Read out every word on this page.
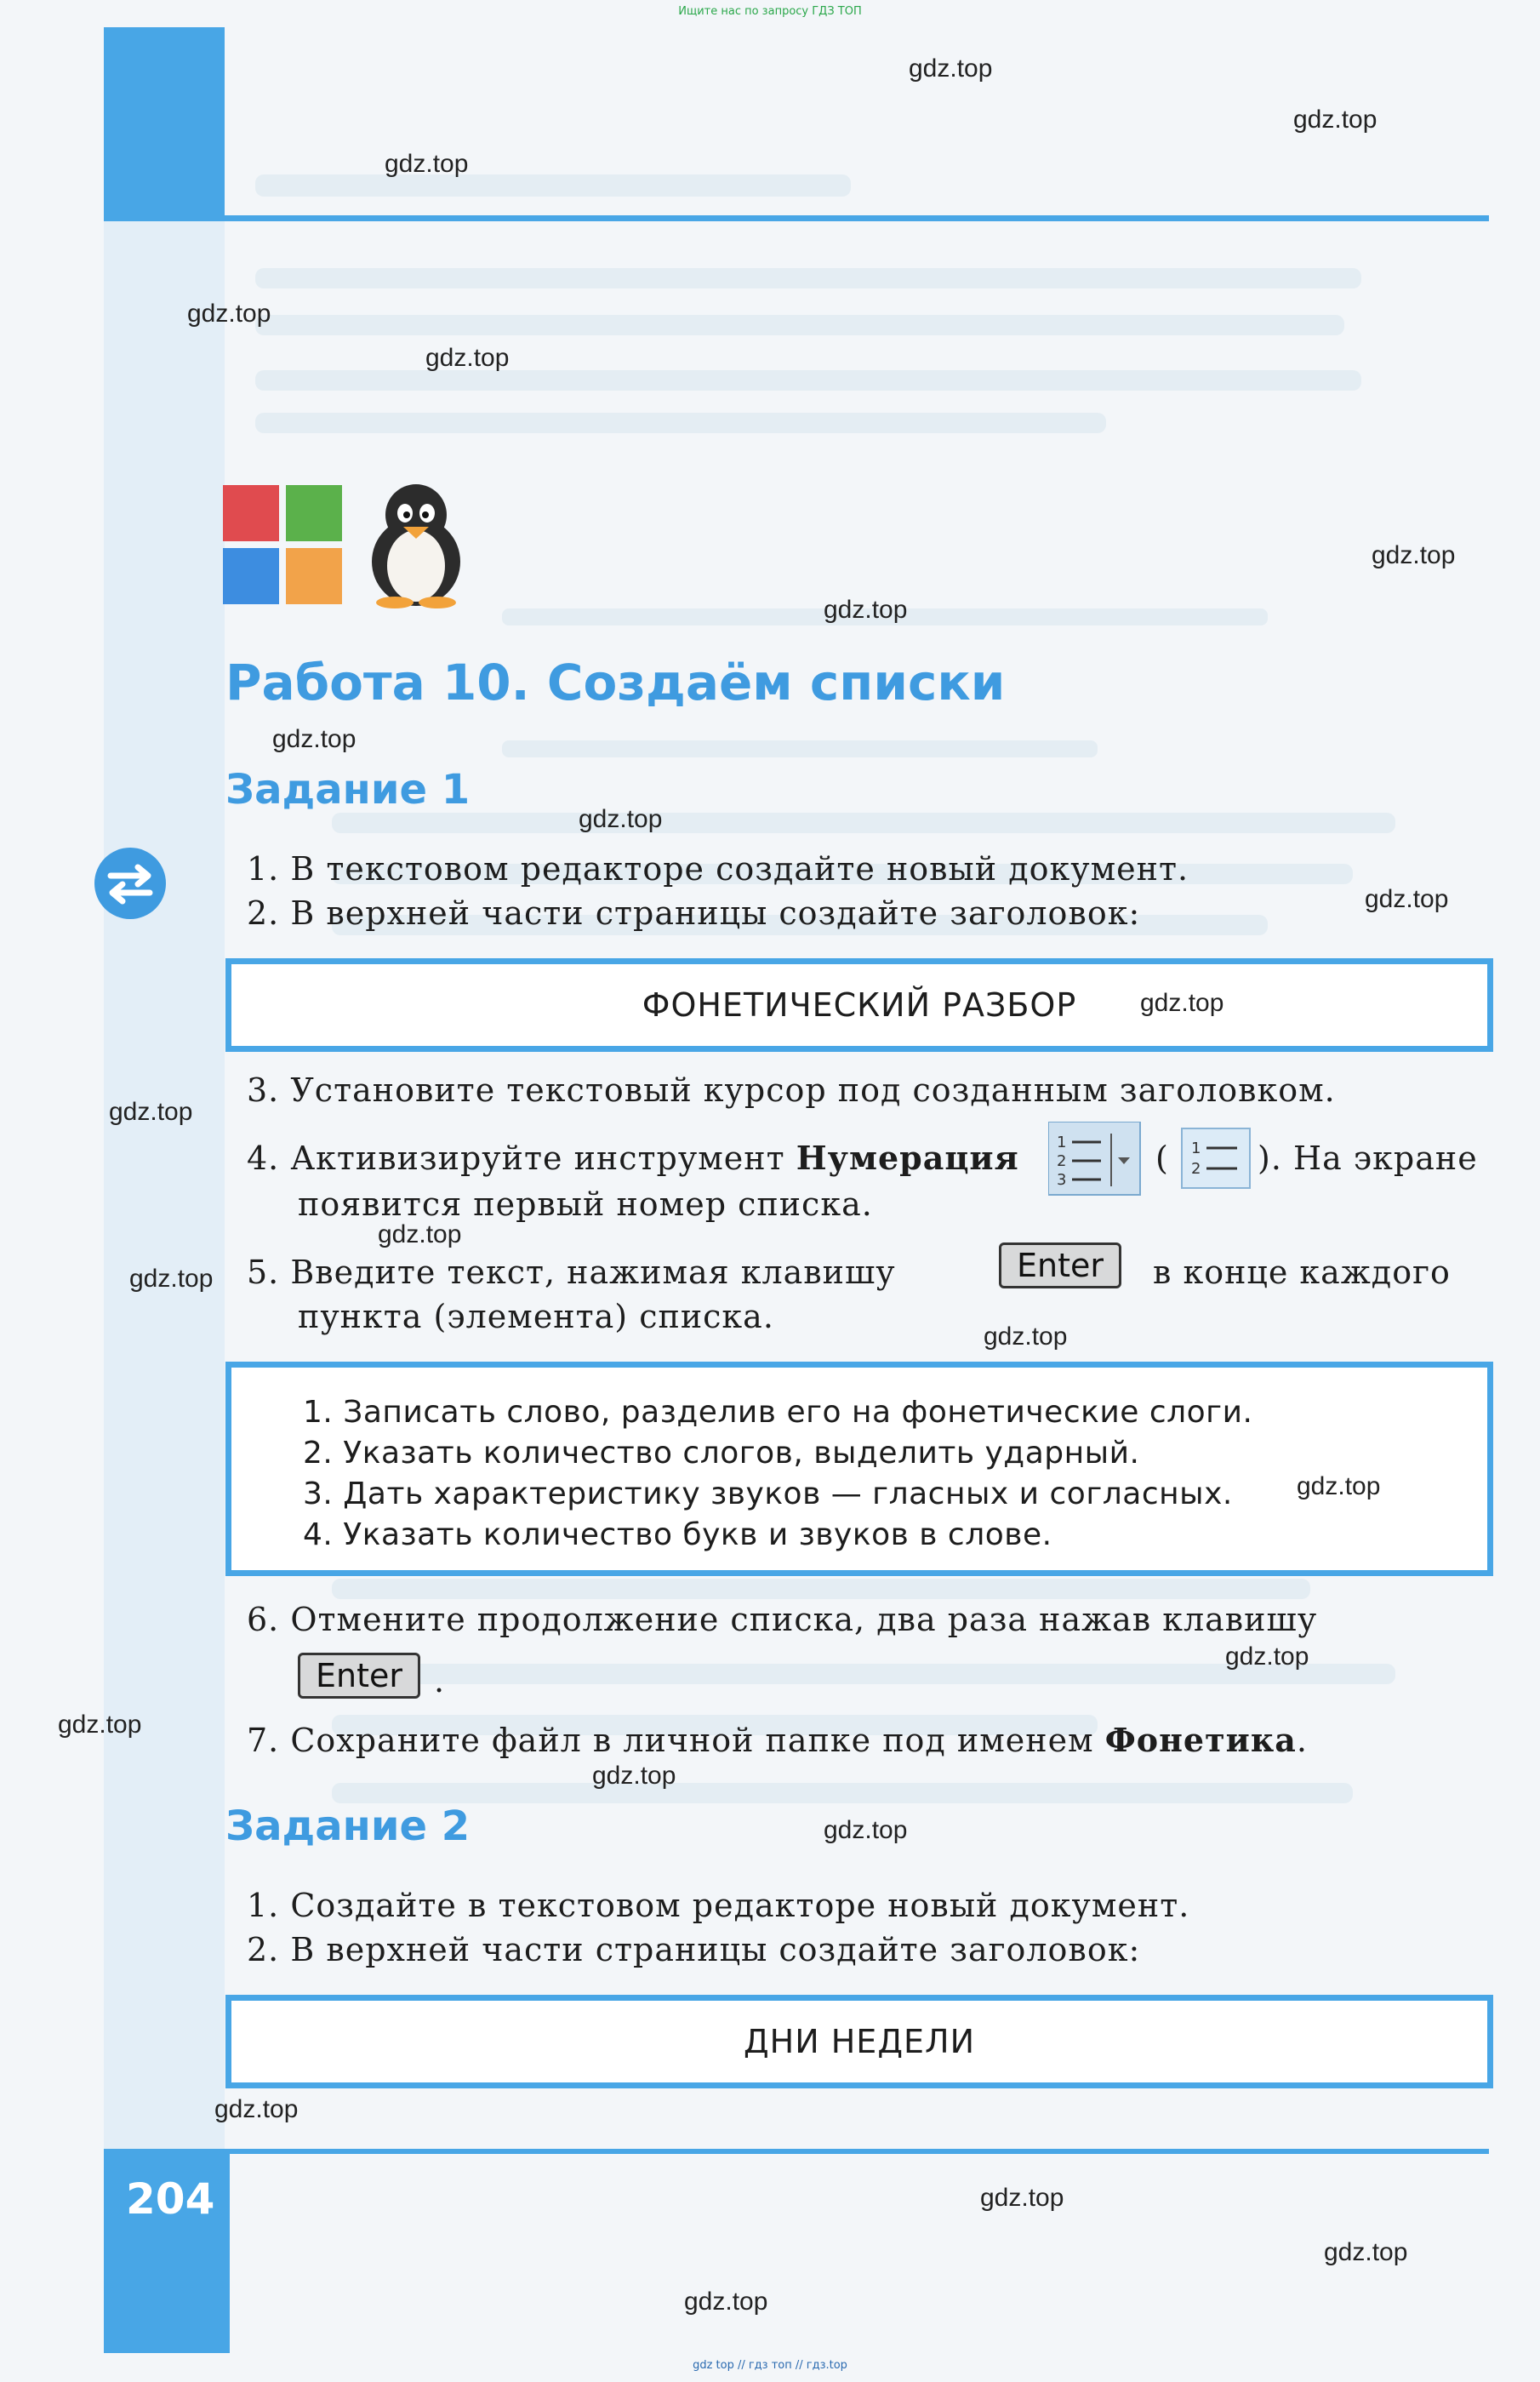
Ищите нас по запросу ГДЗ ТОП
gdz top // гдз топ // гдз.top
204
Работа 10. Создаём списки
Задание 1
1. В текстовом редакторе создайте новый документ.
2. В верхней части страницы создайте заголовок:
ФОНЕТИЧЕСКИЙ РАЗБОР
3. Установите текстовый курсор под созданным заголовком.
4. Активизируйте инструмент Нумерация 1
2
3
( 1
2 ). На экране
появится первый номер списка.
5. Введите текст, нажимая клавишу	Enter	в конце каждого
пункта (элемента) списка.
1. Записать слово, разделив его на фонетические слоги.
2. Указать количество слогов, выделить ударный.
3. Дать характеристику звуков — гласных и согласных.
4. Указать количество букв и звуков в слове.
6. Отмените продолжение списка, два раза нажав клавишу
Enter .
7. Сохраните файл в личной папке под именем Фонетика.
Задание 2
1. Создайте в текстовом редакторе новый документ.
2. В верхней части страницы создайте заголовок:
ДНИ НЕДЕЛИ
gdz.top
gdz.top
gdz.top
gdz.top
gdz.top
gdz.top
gdz.top
gdz.top
gdz.top
gdz.top
gdz.top
gdz.top
gdz.top
gdz.top
gdz.top
gdz.top
gdz.top
gdz.top
gdz.top
gdz.top
gdz.top
gdz.top
gdz.top
gdz.top
